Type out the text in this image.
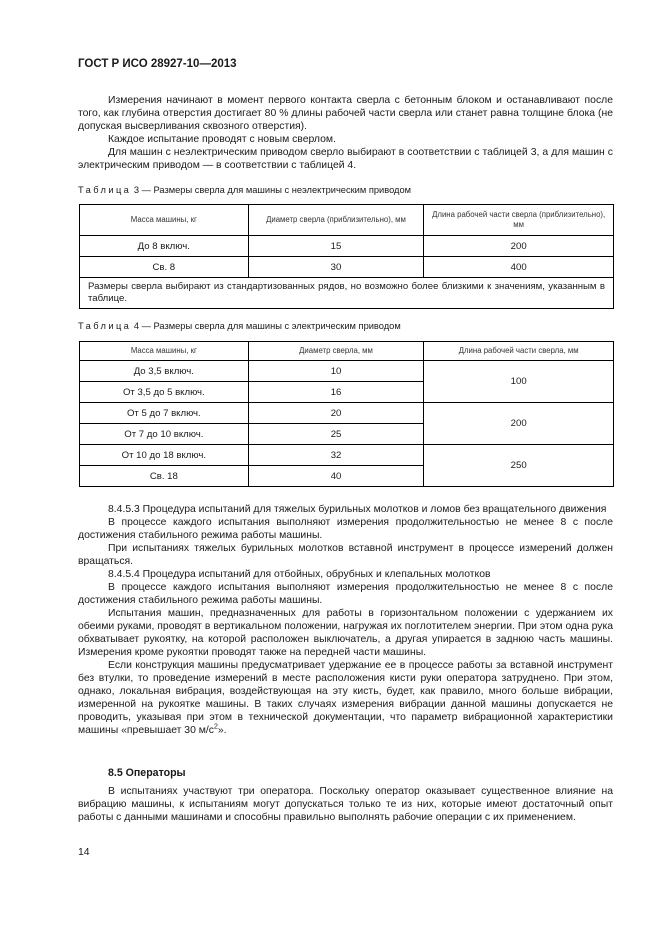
ГОСТ Р ИСО 28927-10—2013

Измерения начинают в момент первого контакта сверла с бетонным блоком и останавливают после того, как глубина отверстия достигает 80 % длины рабочей части сверла или станет равна толщине блока (не допуская высверливания сквозного отверстия).

Каждое испытание проводят с новым сверлом.

Для машин с неэлектрическим приводом сверло выбирают в соответствии с таблицей 3, а для машин с электрическим приводом — в соответствии с таблицей 4.

Таблица 3 — Размеры сверла для машины с неэлектрическим приводом
Масса машины, кг	Диаметр сверла (приблизительно), мм	Длина рабочей части сверла (приблизительно), мм
До 8 включ.	15	200
Св. 8	30	400
Размеры сверла выбирают из стандартизованных рядов, но возможно более близкими к значениям, указанным в таблице.		
Таблица 4 — Размеры сверла для машины с электрическим приводом
Масса машины, кг	Диаметр сверла, мм	Длина рабочей части сверла, мм
До 3,5 включ.	10	100
От 3,5 до 5 включ.	16	
От 5 до 7 включ.	20	200
От 7 до 10 включ.	25	
От 10 до 18 включ.	32	250
Св. 18	40	

8.4.5.3 Процедура испытаний для тяжелых бурильных молотков и ломов без вращательного движения

В процессе каждого испытания выполняют измерения продолжительностью не менее 8 с после достижения стабильного режима работы машины.

При испытаниях тяжелых бурильных молотков вставной инструмент в процессе измерений должен вращаться.

8.4.5.4 Процедура испытаний для отбойных, обрубных и клепальных молотков

В процессе каждого испытания выполняют измерения продолжительностью не менее 8 с после достижения стабильного режима работы машины.

Испытания машин, предназначенных для работы в горизонтальном положении с удержанием их обеими руками, проводят в вертикальном положении, нагружая их поглотителем энергии. При этом одна рука обхватывает рукоятку, на которой расположен выключатель, а другая упирается в заднюю часть машины. Измерения кроме рукоятки проводят также на передней части машины.

Если конструкция машины предусматривает удержание ее в процессе работы за вставной инструмент без втулки, то проведение измерений в месте расположения кисти руки оператора затруднено. При этом, однако, локальная вибрация, воздействующая на эту кисть, будет, как правило, много больше вибрации, измеренной на рукоятке машины. В таких случаях измерения вибрации данной машины допускается не проводить, указывая при этом в технической документации, что параметр вибрационной характеристики машины «превышает 30 $м/с^2$».

8.5 Операторы

В испытаниях участвуют три оператора. Поскольку оператор оказывает существенное влияние на вибрацию машины, к испытаниям могут допускаться только те из них, которые имеют достаточный опыт работы с данными машинами и способны правильно выполнять рабочие операции с их применением.

14
